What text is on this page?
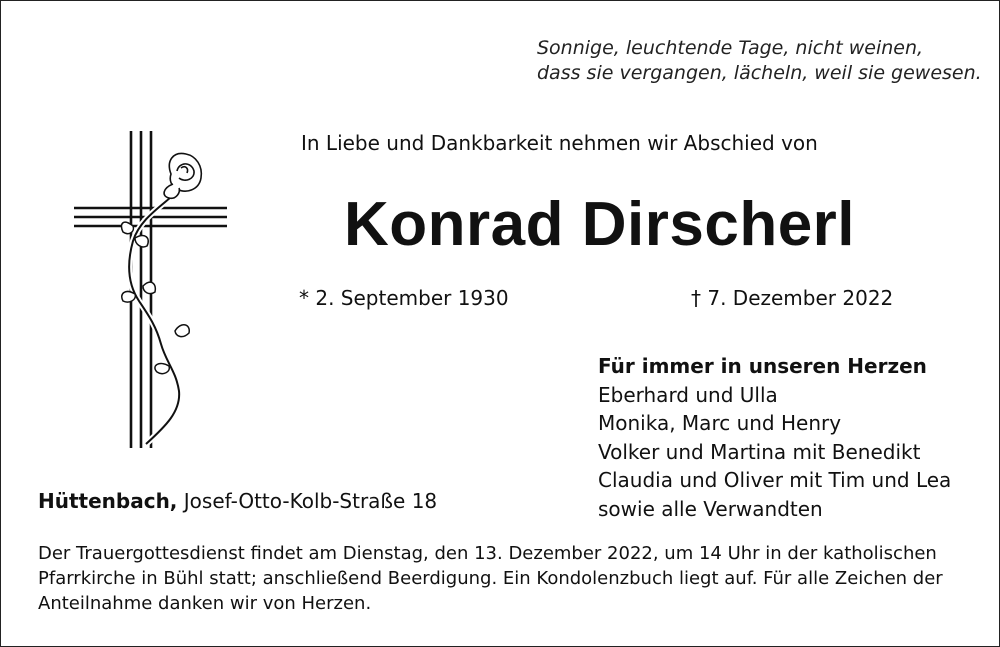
Sonnige, leuchtende Tage, nicht weinen,
dass sie vergangen, lächeln, weil sie gewesen.
In Liebe und Dankbarkeit nehmen wir Abschied von
Konrad Dirscherl
* 2. September 1930	† 7. Dezember 2022
Für immer in unseren Herzen
Eberhard und Ulla
Monika, Marc und Henry
Volker und Martina mit Benedikt
Claudia und Oliver mit Tim und Lea
sowie alle Verwandten
Hüttenbach, Josef-Otto-Kolb-Straße 18
Der Trauergottesdienst findet am Dienstag, den 13. Dezember 2022, um 14 Uhr in der katholischen
Pfarrkirche in Bühl statt; anschließend Beerdigung. Ein Kondolenzbuch liegt auf. Für alle Zeichen der
Anteilnahme danken wir von Herzen.
